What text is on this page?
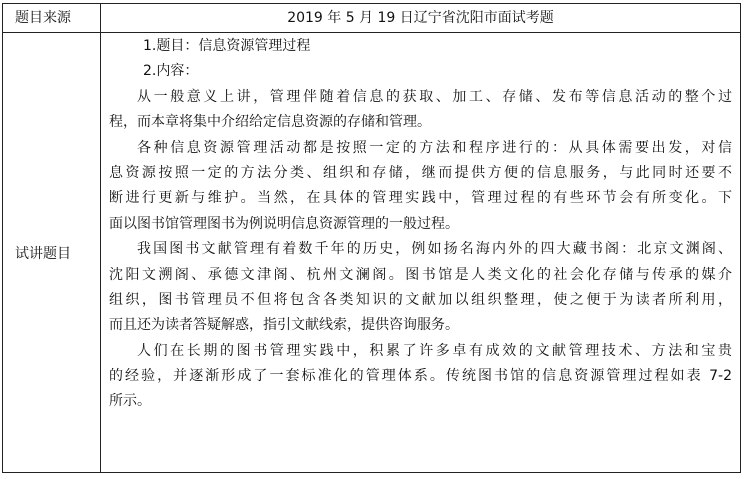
题目来源	2019 年 5 月 19 日辽宁省沈阳市面试考题
试讲题目
1.题目：信息资源管理过程
2.内容：
从一般意义上讲，管理伴随着信息的获取、加工、存储、发布等信息活动的整个过
程，而本章将集中介绍给定信息资源的存储和管理。
各种信息资源管理活动都是按照一定的方法和程序进行的：从具体需要出发，对信
息资源按照一定的方法分类、组织和存储，继而提供方便的信息服务，与此同时还要不
断进行更新与维护。当然，在具体的管理实践中，管理过程的有些环节会有所变化。下
面以图书馆管理图书为例说明信息资源管理的一般过程。
我国图书文献管理有着数千年的历史，例如扬名海内外的四大藏书阁：北京文渊阁、
沈阳文溯阁、承德文津阁、杭州文澜阁。图书馆是人类文化的社会化存储与传承的媒介
组织，图书管理员不但将包含各类知识的文献加以组织整理，使之便于为读者所利用，
而且还为读者答疑解惑，指引文献线索，提供咨询服务。
人们在长期的图书管理实践中，积累了许多卓有成效的文献管理技术、方法和宝贵
的经验，并逐渐形成了一套标准化的管理体系。传统图书馆的信息资源管理过程如表 7-2
所示。
